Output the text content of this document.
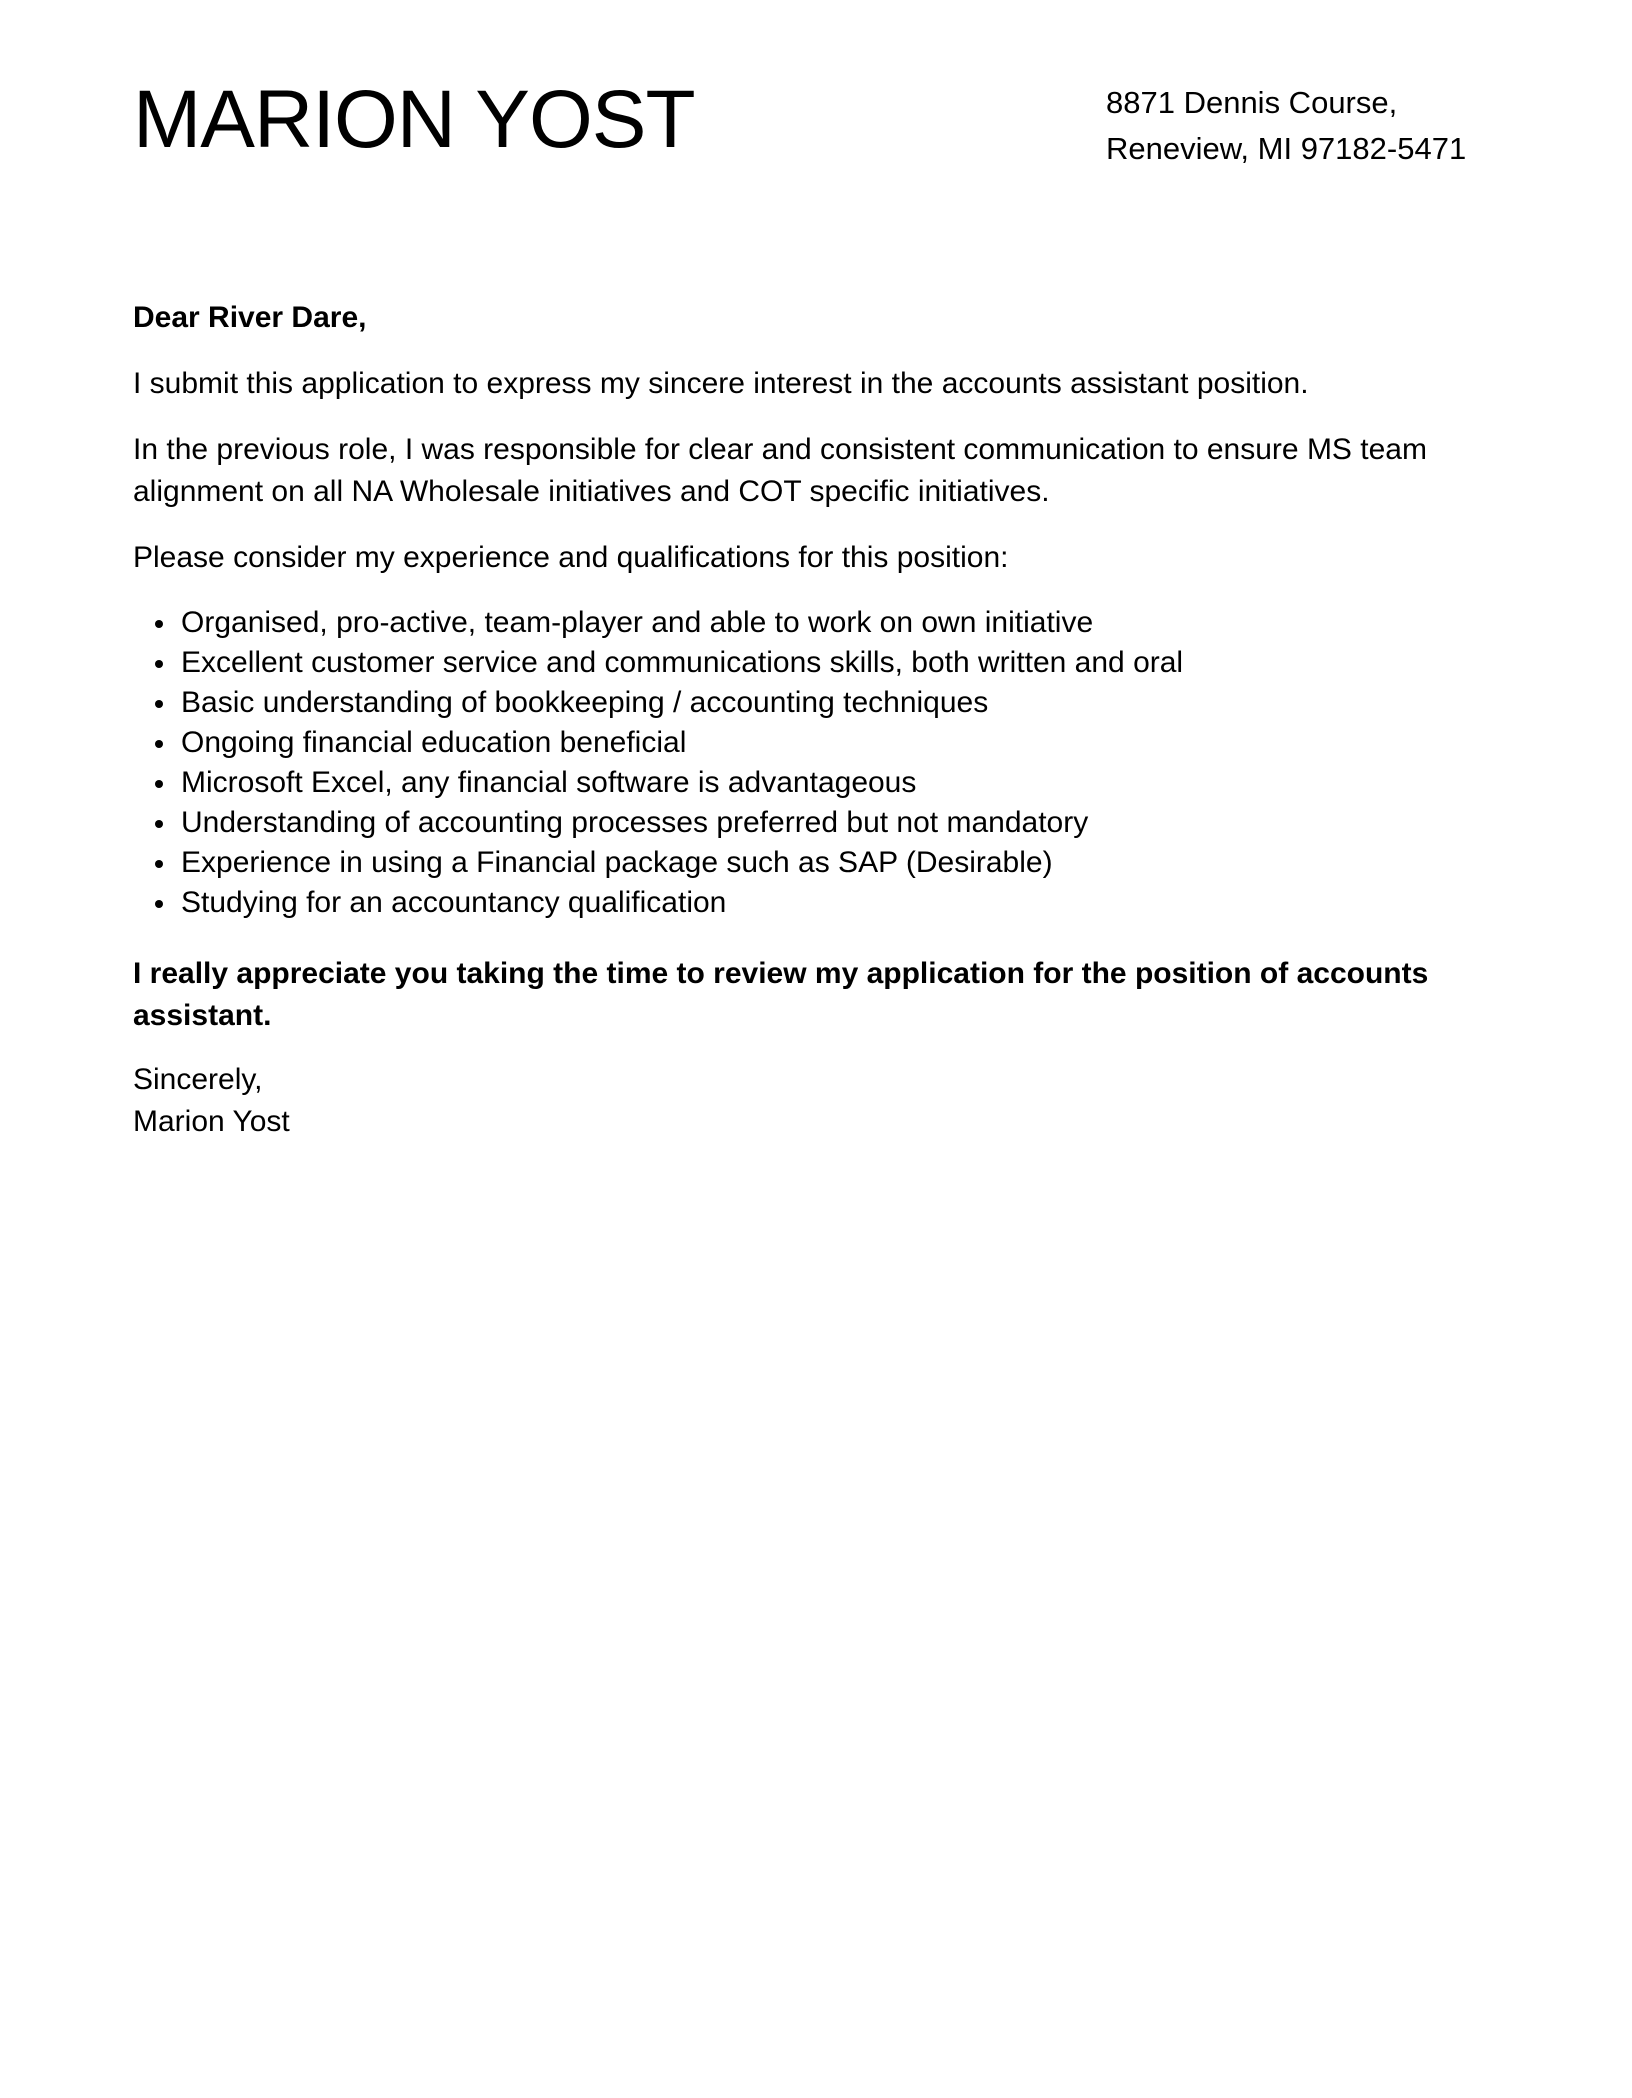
MARION YOST	8871 Dennis Course,
Reneview, MI 97182-5471

Dear River Dare,

I submit this application to express my sincere interest in the accounts assistant position.

In the previous role, I was responsible for clear and consistent communication to ensure MS team alignment on all NA Wholesale initiatives and COT specific initiatives.

Please consider my experience and qualifications for this position:

Organised, pro-active, team-player and able to work on own initiative
Excellent customer service and communications skills, both written and oral
Basic understanding of bookkeeping / accounting techniques
Ongoing financial education beneficial
Microsoft Excel, any financial software is advantageous
Understanding of accounting processes preferred but not mandatory
Experience in using a Financial package such as SAP (Desirable)
Studying for an accountancy qualification

I really appreciate you taking the time to review my application for the position of accounts assistant.

Sincerely,
Marion Yost
